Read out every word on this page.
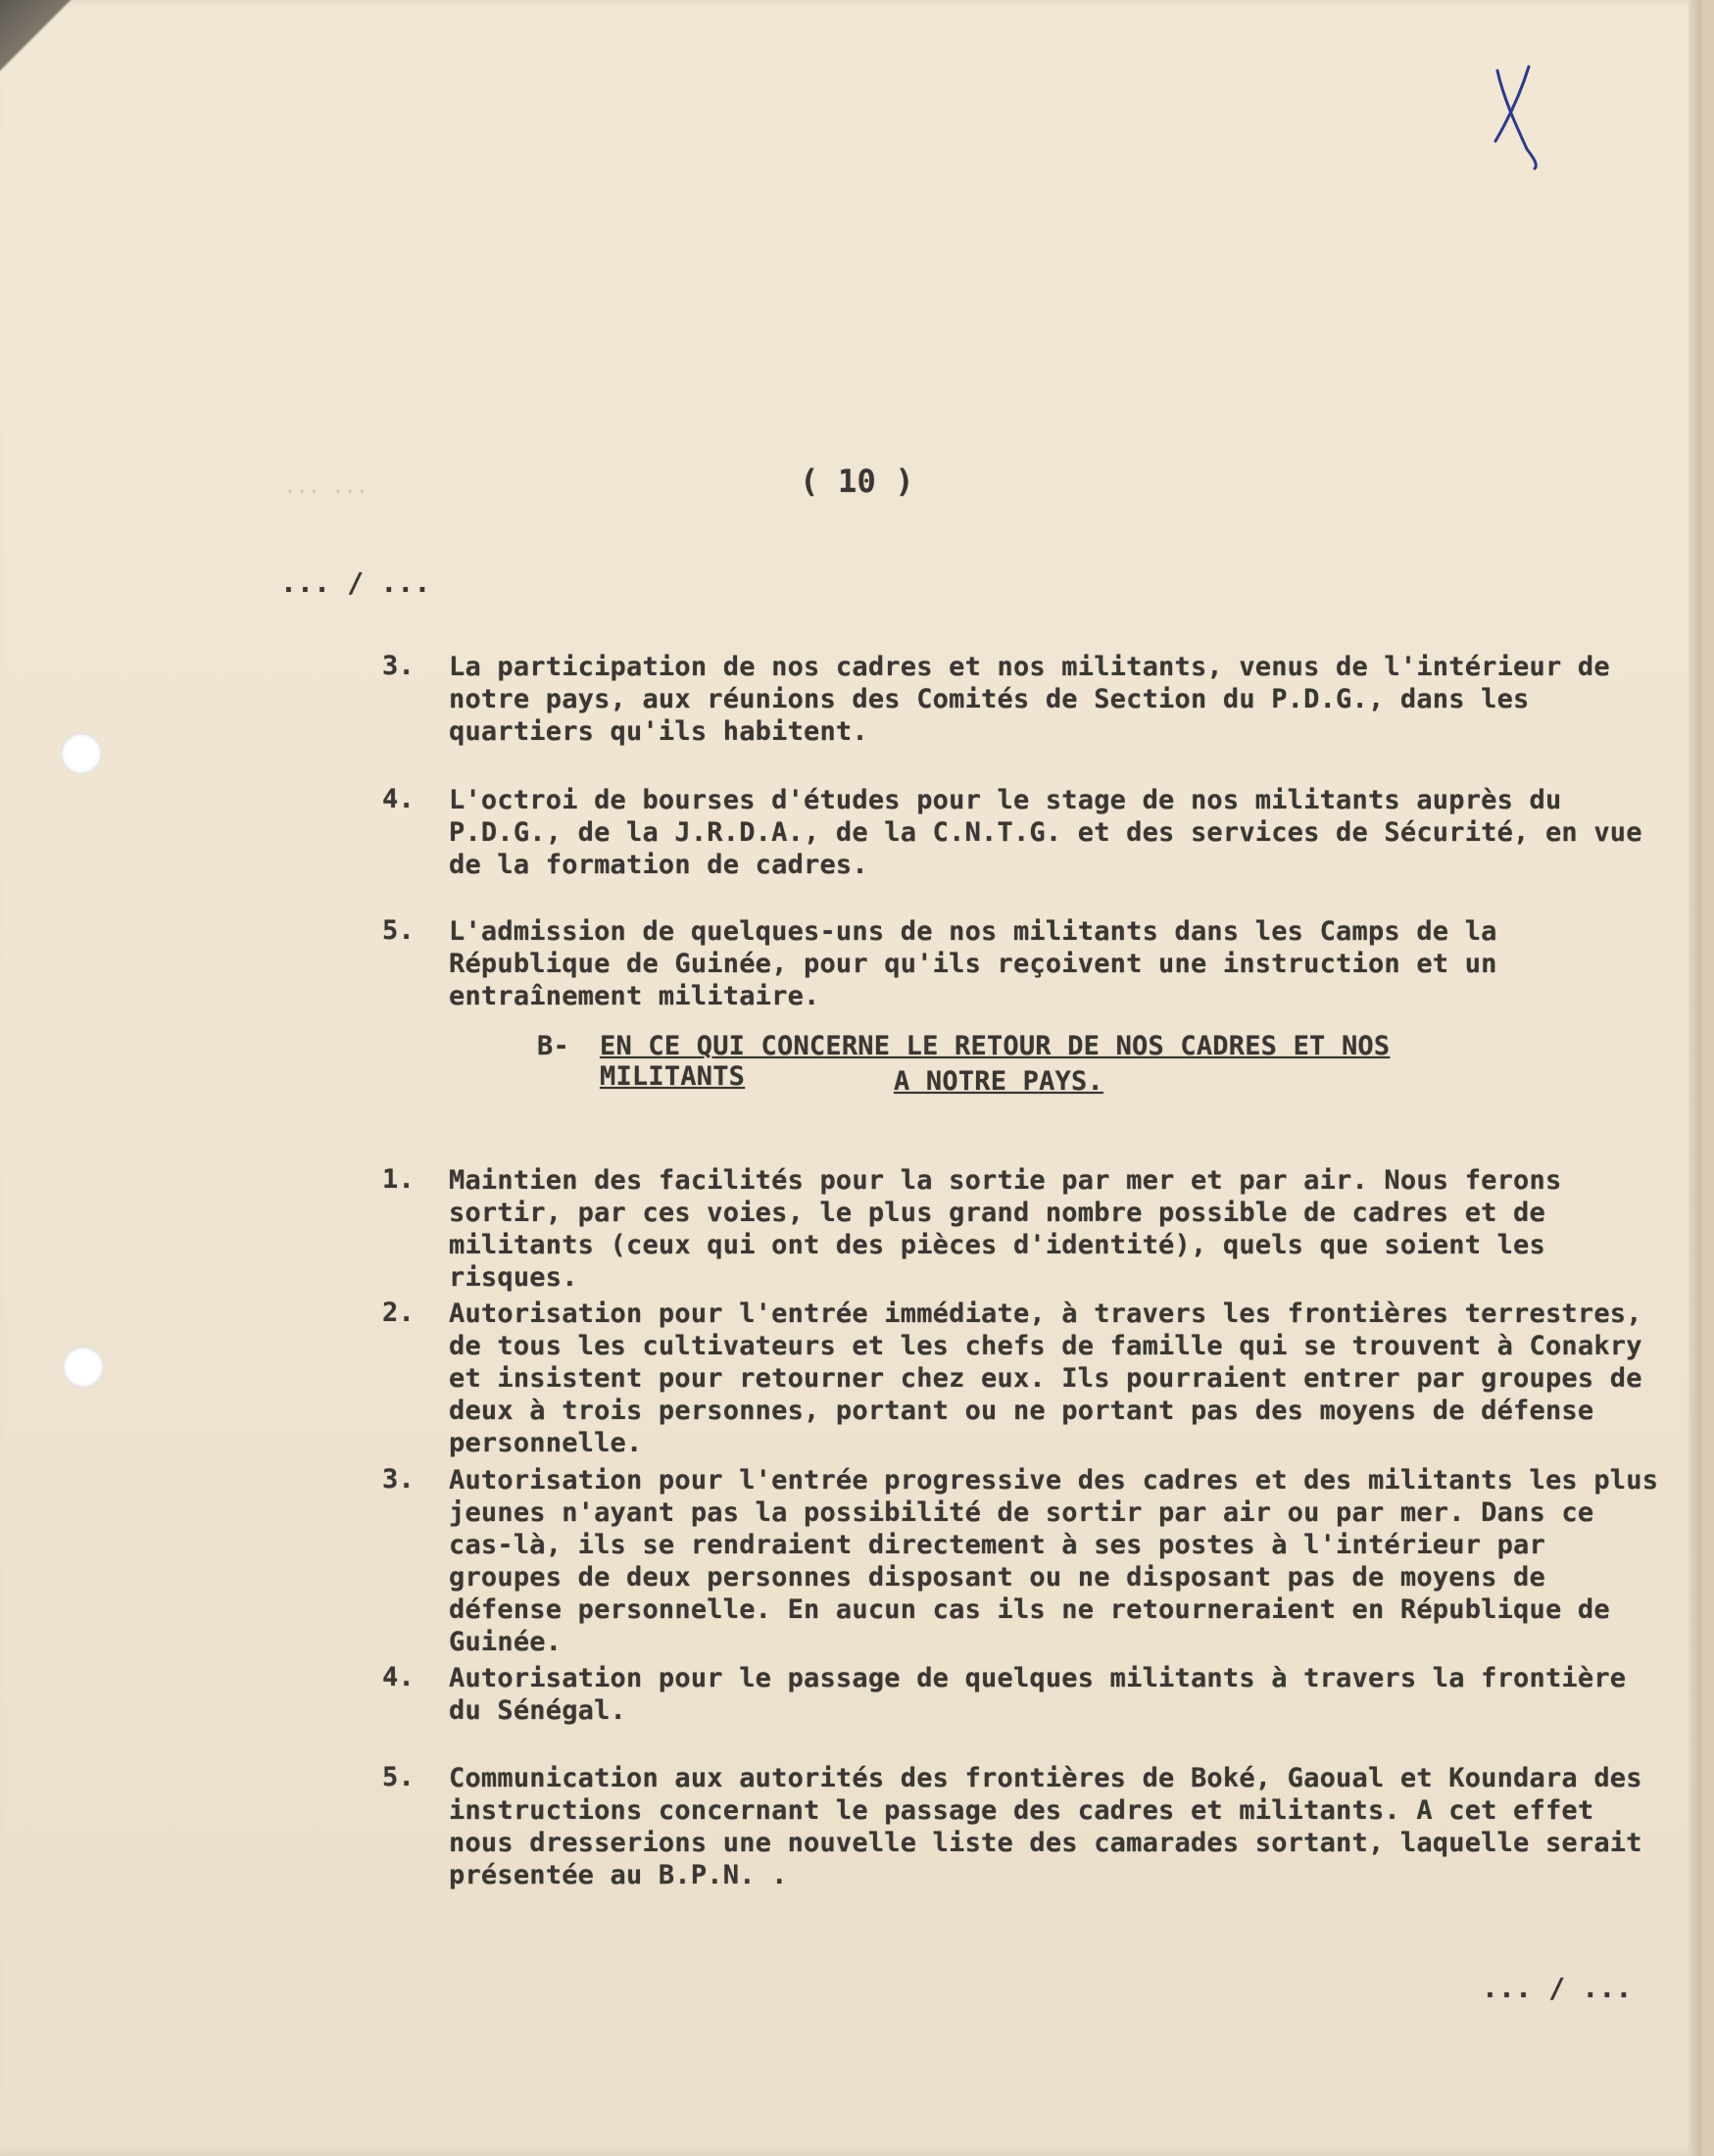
... ...	( 10 )
... / ...
3.	La participation de nos cadres et nos militants, venus de l'intérieur de notre pays, aux réunions des Comités de Section du P.D.G., dans les quartiers qu'ils habitent.
4.	L'octroi de bourses d'études pour le stage de nos militants auprès du P.D.G., de la J.R.D.A., de la C.N.T.G. et des services de Sécurité, en vue de la formation de cadres.
5.	L'admission de quelques-uns de nos militants dans les Camps de la République de Guinée, pour qu'ils reçoivent une instruction et un entraînement militaire.
B- EN CE QUI CONCERNE LE RETOUR DE NOS CADRES ET NOS MILITANTS	A NOTRE PAYS.
1.	Maintien des facilités pour la sortie par mer et par air. Nous ferons sortir, par ces voies, le plus grand nombre possible de cadres et de militants (ceux qui ont des pièces d'identité), quels que soient les risques.
2.	Autorisation pour l'entrée immédiate, à travers les frontières terrestres, de tous les cultivateurs et les chefs de famille qui se trouvent à Conakry et insistent pour retourner chez eux. Ils pourraient entrer par groupes de deux à trois personnes, portant ou ne portant pas des moyens de défense personnelle.
3.	Autorisation pour l'entrée progressive des cadres et des militants les plus jeunes n'ayant pas la possibilité de sortir par air ou par mer. Dans ce cas-là, ils se rendraient directement à ses postes à l'intérieur par groupes de deux personnes disposant ou ne disposant pas de moyens de défense personnelle. En aucun cas ils ne retourneraient en République de Guinée.
4.	Autorisation pour le passage de quelques militants à travers la frontière du Sénégal.
5.	Communication aux autorités des frontières de Boké, Gaoual et Koundara des instructions concernant le passage des cadres et militants. A cet effet nous dresserions une nouvelle liste des camarades sortant, laquelle serait présentée au B.P.N. .
... / ...
